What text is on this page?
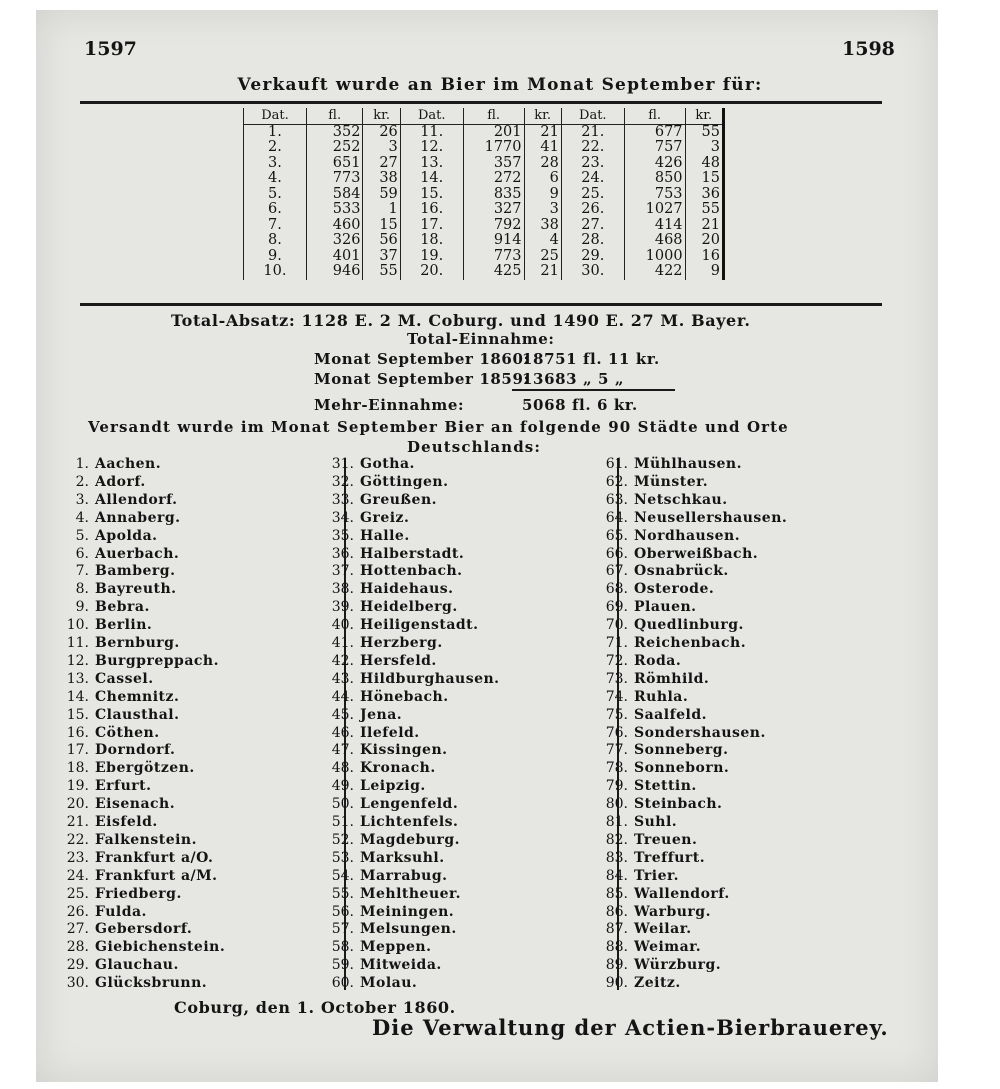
1597	1598
Verkauft wurde an Bier im Monat September für:
Dat.	fl.	kr.	Dat.	fl.	kr.	Dat.	fl.	kr.
1.	352	26	11.	201	21	21.	677	55
2.	252	3	12.	1770	41	22.	757	3
3.	651	27	13.	357	28	23.	426	48
4.	773	38	14.	272	6	24.	850	15
5.	584	59	15.	835	9	25.	753	36
6.	533	1	16.	327	3	26.	1027	55
7.	460	15	17.	792	38	27.	414	21
8.	326	56	18.	914	4	28.	468	20
9.	401	37	19.	773	25	29.	1000	16
10.	946	55	20.	425	21	30.	422	9
Total-Absatz: 1128 E. 2 M. Coburg. und 1490 E. 27 M. Bayer.
Total-Einnahme:
Monat September 1860:
18751 fl. 11 kr.
Monat September 1859:
13683 „ 5 „
Mehr-Einnahme:	5068 fl. 6 kr.
Versandt wurde im Monat September Bier an folgende 90 Städte und Orte
Deutschlands:
1. Aachen.
2. Adorf.
3. Allendorf.
4. Annaberg.
5. Apolda.
6. Auerbach.
7. Bamberg.
8. Bayreuth.
9. Bebra.
10. Berlin.
11. Bernburg.
12. Burgpreppach.
13. Cassel.
14. Chemnitz.
15. Clausthal.
16. Cöthen.
17. Dorndorf.
18. Ebergötzen.
19. Erfurt.
20. Eisenach.
21. Eisfeld.
22. Falkenstein.
23. Frankfurt a/O.
24. Frankfurt a/M.
25. Friedberg.
26. Fulda.
27. Gebersdorf.
28. Giebichenstein.
29. Glauchau.
30. Glücksbrunn.
31. Gotha.
32. Göttingen.
33. Greußen.
34. Greiz.
35. Halle.
36. Halberstadt.
37. Hottenbach.
38. Haidehaus.
39. Heidelberg.
40. Heiligenstadt.
41. Herzberg.
42. Hersfeld.
43. Hildburghausen.
44. Hönebach.
45. Jena.
46. Ilefeld.
47. Kissingen.
48. Kronach.
49. Leipzig.
50. Lengenfeld.
51. Lichtenfels.
52. Magdeburg.
53. Marksuhl.
54. Marrabug.
55. Mehltheuer.
56. Meiningen.
57. Melsungen.
58. Meppen.
59. Mitweida.
60. Molau.
61. Mühlhausen.
62. Münster.
63. Netschkau.
64. Neusellershausen.
65. Nordhausen.
66. Oberweißbach.
67. Osnabrück.
68. Osterode.
69. Plauen.
70. Quedlinburg.
71. Reichenbach.
72. Roda.
73. Römhild.
74. Ruhla.
75. Saalfeld.
76. Sondershausen.
77. Sonneberg.
78. Sonneborn.
79. Stettin.
80. Steinbach.
81. Suhl.
82. Treuen.
83. Treffurt.
84. Trier.
85. Wallendorf.
86. Warburg.
87. Weilar.
88. Weimar.
89. Würzburg.
90. Zeitz.
Coburg, den 1. October 1860.
Die Verwaltung der Actien-Bierbrauerey.
